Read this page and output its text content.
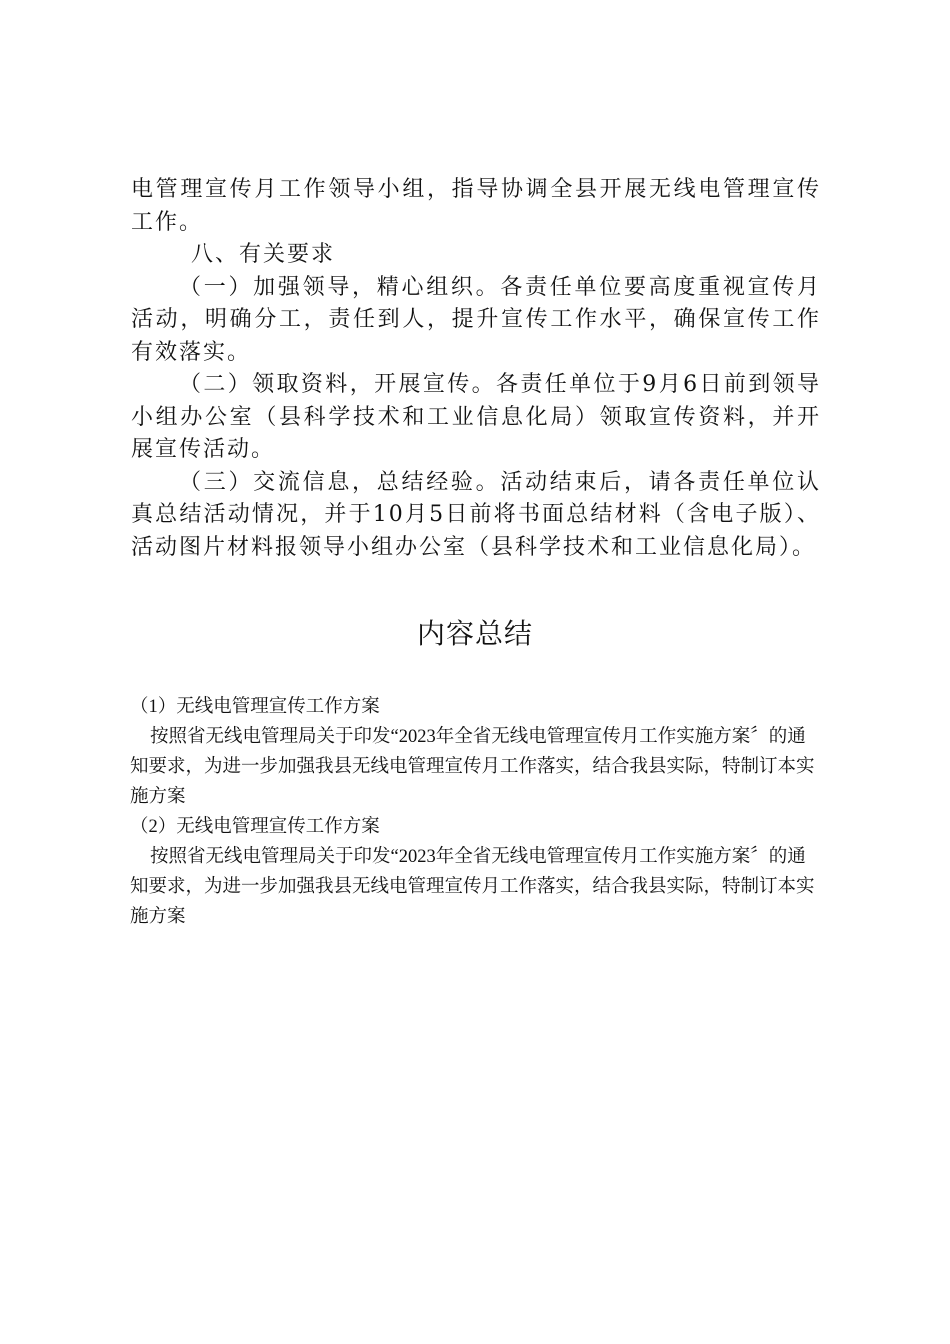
电管理宣传月工作领导小组，指导协调全县开展无线电管理宣传工作。

八、有关要求

（一）加强领导，精心组织。各责任单位要高度重视宣传月活动，明确分工，责任到人，提升宣传工作水平，确保宣传工作有效落实。

（二）领取资料，开展宣传。各责任单位于9月6日前到领导小组办公室（县科学技术和工业信息化局）领取宣传资料，并开展宣传活动。

（三）交流信息，总结经验。活动结束后，请各责任单位认真总结活动情况，并于10月5日前将书面总结材料（含电子版）、活动图片材料报领导小组办公室（县科学技术和工业信息化局）。

内容总结

（1）无线电管理宣传工作方案

按照省无线电管理局关于印发“2023年全省无线电管理宣传月工作实施方案〞的通知要求，为进一步加强我县无线电管理宣传月工作落实，结合我县实际，特制订本实施方案

（2）无线电管理宣传工作方案

按照省无线电管理局关于印发“2023年全省无线电管理宣传月工作实施方案〞的通知要求，为进一步加强我县无线电管理宣传月工作落实，结合我县实际，特制订本实施方案
